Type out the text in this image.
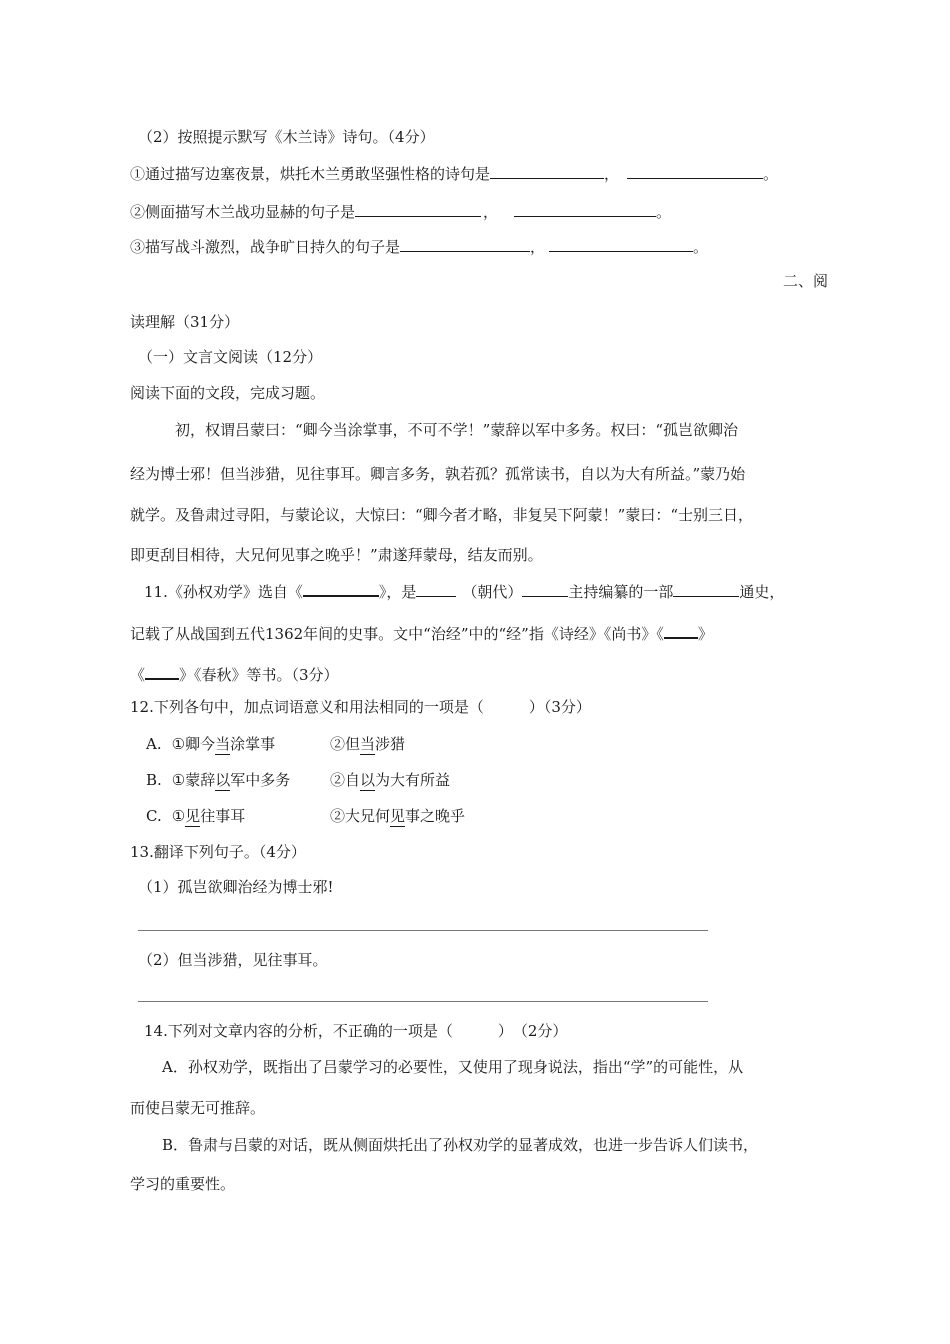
（2）按照提示默写《木兰诗》诗句。（4分）
①通过描写边塞夜景，烘托木兰勇敢坚强性格的诗句是	，	。
②侧面描写木兰战功显赫的句子是	，	。
③描写战斗激烈，战争旷日持久的句子是	，	。
二、阅
读理解（31分）
（一）文言文阅读（12分）
阅读下面的文段，完成习题。
初，权谓吕蒙曰：“卿今当涂掌事，不可不学！”蒙辞以军中多务。权曰：“孤岂欲卿治
经为博士邪！但当涉猎，见往事耳。卿言多务，孰若孤？孤常读书，自以为大有所益。”蒙乃始
就学。及鲁肃过寻阳，与蒙论议，大惊曰：“卿今者才略，非复吴下阿蒙！”蒙曰：“士别三日，
即更刮目相待，大兄何见事之晚乎！”肃遂拜蒙母，结友而别。
11.《孙权劝学》选自《	》，是	（朝代）	主持编纂的一部	通史，
记载了从战国到五代1362年间的史事。文中“治经”中的“经”指《诗经》《尚书》《 》
《 》《春秋》等书。（3分）
12.下列各句中，加点词语意义和用法相同的一项是（　　　）（3分）
A. ①卿今当涂掌事	②但当涉猎
B. ①蒙辞以军中多务	②自以为大有所益
C. ①见往事耳	②大兄何见事之晚乎
13.翻译下列句子。（4分）
（1）孤岂欲卿治经为博士邪!
（2）但当涉猎，见往事耳。
14.下列对文章内容的分析，不正确的一项是（　　　）　（2分）
A．孙权劝学，既指出了吕蒙学习的必要性，又使用了现身说法，指出“学”的可能性，从
而使吕蒙无可推辞。
B．鲁肃与吕蒙的对话，既从侧面烘托出了孙权劝学的显著成效，也进一步告诉人们读书，
学习的重要性。
